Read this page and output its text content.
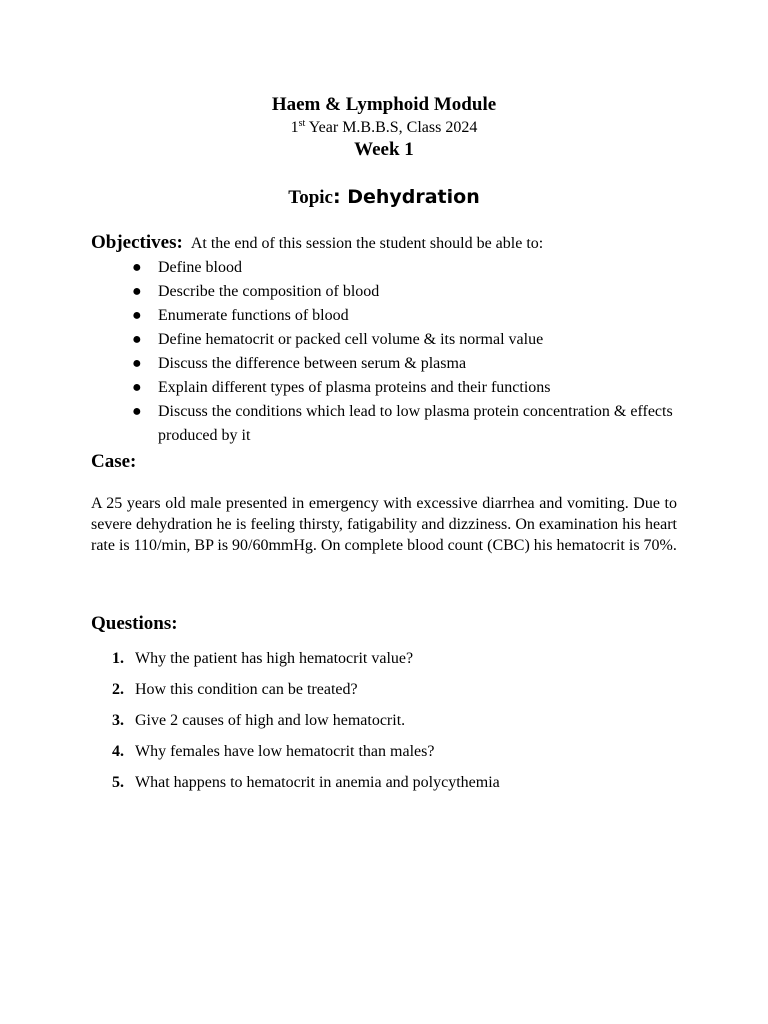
Haem & Lymphoid Module
1st Year M.B.B.S, Class 2024
Week 1
Topic: Dehydration
Objectives: At the end of this session the student should be able to:
● Define blood
● Describe the composition of blood
● Enumerate functions of blood
● Define hematocrit or packed cell volume & its normal value
● Discuss the difference between serum & plasma
● Explain different types of plasma proteins and their functions
● Discuss the conditions which lead to low plasma protein concentration & effects produced by it
Case:
A 25 years old male presented in emergency with excessive diarrhea and vomiting. Due to severe dehydration he is feeling thirsty, fatigability and dizziness. On examination his heart rate is 110/min, BP is 90/60mmHg. On complete blood count (CBC) his hematocrit is 70%.
Questions:
1. Why the patient has high hematocrit value?
2. How this condition can be treated?
3. Give 2 causes of high and low hematocrit.
4. Why females have low hematocrit than males?
5. What happens to hematocrit in anemia and polycythemia
